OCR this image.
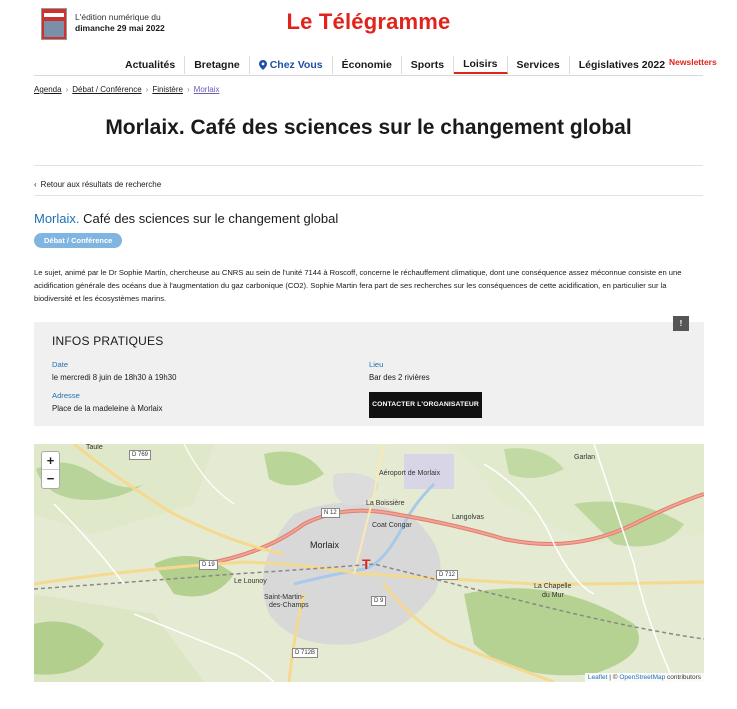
L'édition numérique du
dimanche 29 mai 2022	Le Télégramme
Actualités	Bretagne	Chez Vous	Économie	Sports	Loisirs	Services	Législatives 2022 Newsletters
Agenda › Débat / Conférence › Finistère › Morlaix
Morlaix. Café des sciences sur le changement global
‹ Retour aux résultats de recherche
Morlaix. Café des sciences sur le changement global
Débat / Conférence

Le sujet, animé par le Dr Sophie Martin, chercheuse au CNRS au sein de l'unité 7144 à Roscoff, concerne le réchauffement climatique, dont une conséquence assez méconnue consiste en une acidification générale des océans due à l'augmentation du gaz carbonique (CO2). Sophie Martin fera part de ses recherches sur les conséquences de cette acidification, en particulier sur la biodiversité et les écosystèmes marins.

INFOS PRATIQUES
!
Date
le mercredi 8 juin de 18h30 à 19h30
Adresse
Place de la madeleine à Morlaix
Lieu
Bar des 2 rivières
CONTACTER L'ORGANISATEUR
Taule
Morlaix
Saint-Martin-
des-Champs
La Chapelle
du Mur
Garlan
La Boissière
Coat Congar
Le Lounoy
Aéroport de Morlaix
Langolvas
D 769
N 12
D 19
D 712
D 9
D 712B
T
+
−
Leaflet | © OpenStreetMap contributors
